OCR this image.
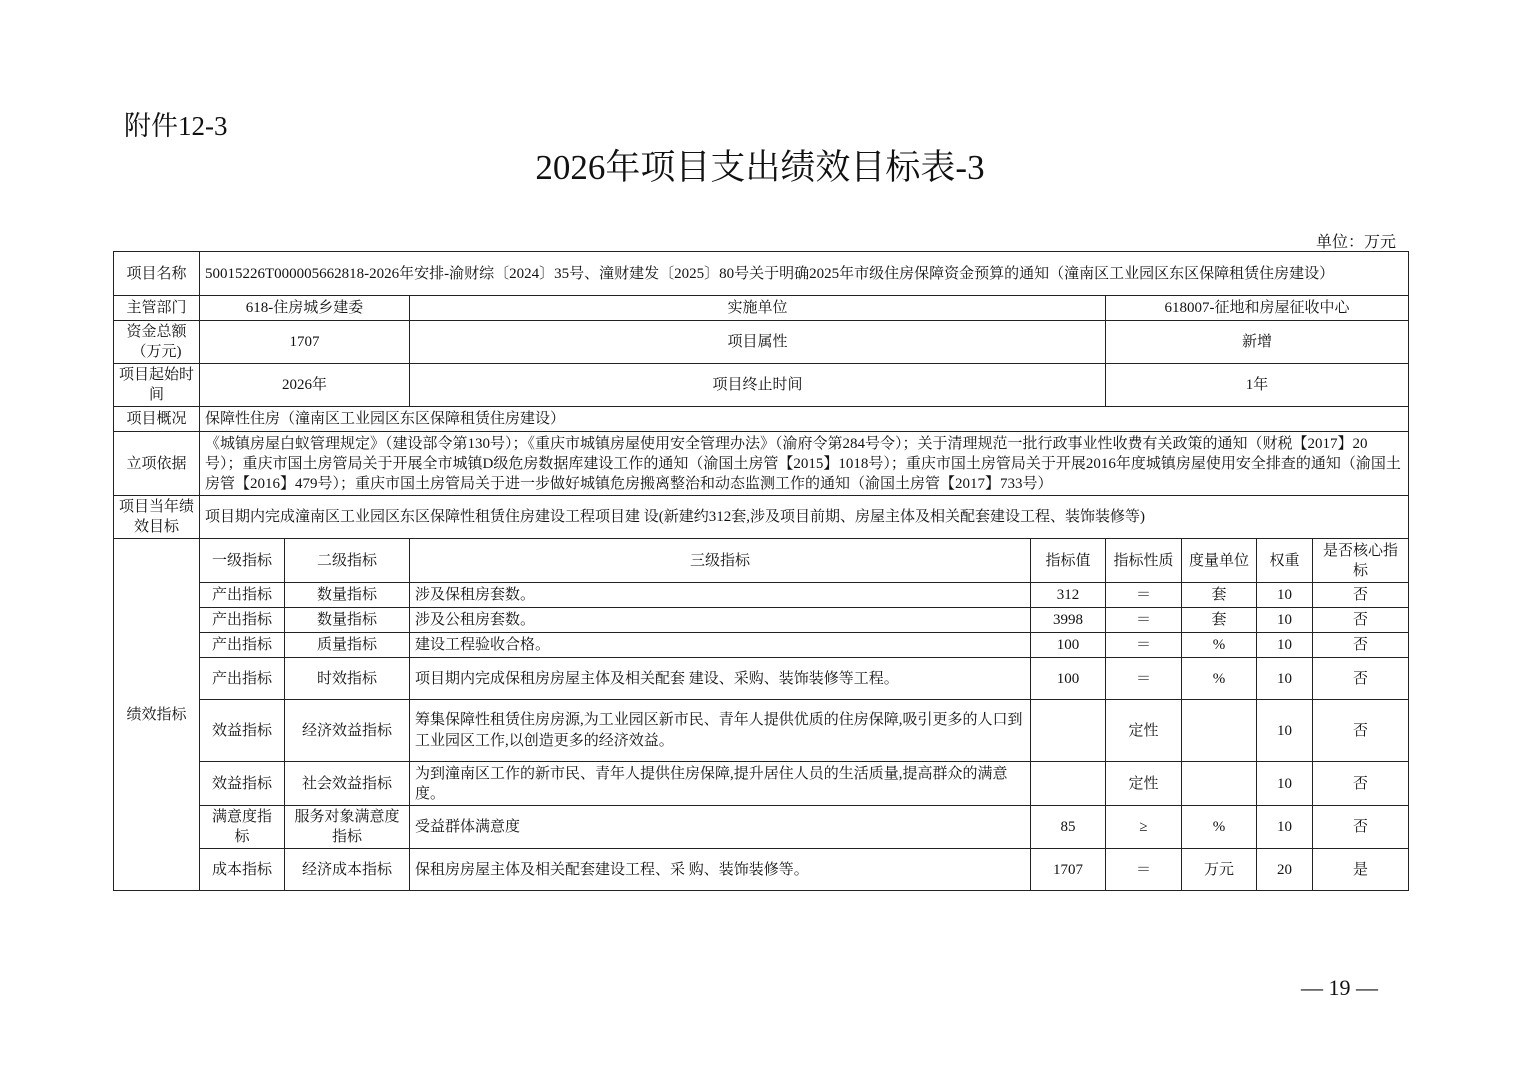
附件12-3
2026年项目支出绩效目标表-3
单位：万元
项目名称	50015226T000005662818-2026年安排-渝财综〔2024〕35号、潼财建发〔2025〕80号关于明确2025年市级住房保障资金预算的通知（潼南区工业园区东区保障租赁住房建设）							
主管部门	618-住房城乡建委		实施单位		618007-征地和房屋征收中心			
资金总额（万元)	1707		项目属性		新增			
项目起始时间	2026年		项目终止时间		1年			
项目概况	保障性住房（潼南区工业园区东区保障租赁住房建设）							
立项依据	《城镇房屋白蚁管理规定》（建设部令第130号）；《重庆市城镇房屋使用安全管理办法》（渝府令第284号令）；关于清理规范一批行政事业性收费有关政策的通知（财税【2017】20号）；重庆市国土房管局关于开展全市城镇D级危房数据库建设工作的通知（渝国土房管【2015】1018号）；重庆市国土房管局关于开展2016年度城镇房屋使用安全排查的通知（渝国土房管【2016】479号）；重庆市国土房管局关于进一步做好城镇危房搬离整治和动态监测工作的通知（渝国土房管【2017】733号）							
项目当年绩效目标	项目期内完成潼南区工业园区东区保障性租赁住房建设工程项目建 设(新建约312套,涉及项目前期、房屋主体及相关配套建设工程、装饰装修等)							
绩效指标	一级指标	二级指标	三级指标	指标值	指标性质	度量单位	权重	是否核心指标
	产出指标	数量指标	涉及保租房套数。	312	＝	套	10	否
	产出指标	数量指标	涉及公租房套数。	3998	＝	套	10	否
	产出指标	质量指标	建设工程验收合格。	100	＝	%	10	否
	产出指标	时效指标	项目期内完成保租房房屋主体及相关配套 建设、采购、装饰装修等工程。	100	＝	%	10	否
	效益指标	经济效益指标	筹集保障性租赁住房房源,为工业园区新市民、青年人提供优质的住房保障,吸引更多的人口到工业园区工作,以创造更多的经济效益。		定性		10	否
	效益指标	社会效益指标	为到潼南区工作的新市民、青年人提供住房保障,提升居住人员的生活质量,提高群众的满意度。		定性		10	否
	满意度指标	服务对象满意度指标	受益群体满意度	85	≥	%	10	否
	成本指标	经济成本指标	保租房房屋主体及相关配套建设工程、采 购、装饰装修等。	1707	＝	万元	20	是
— 19 —
